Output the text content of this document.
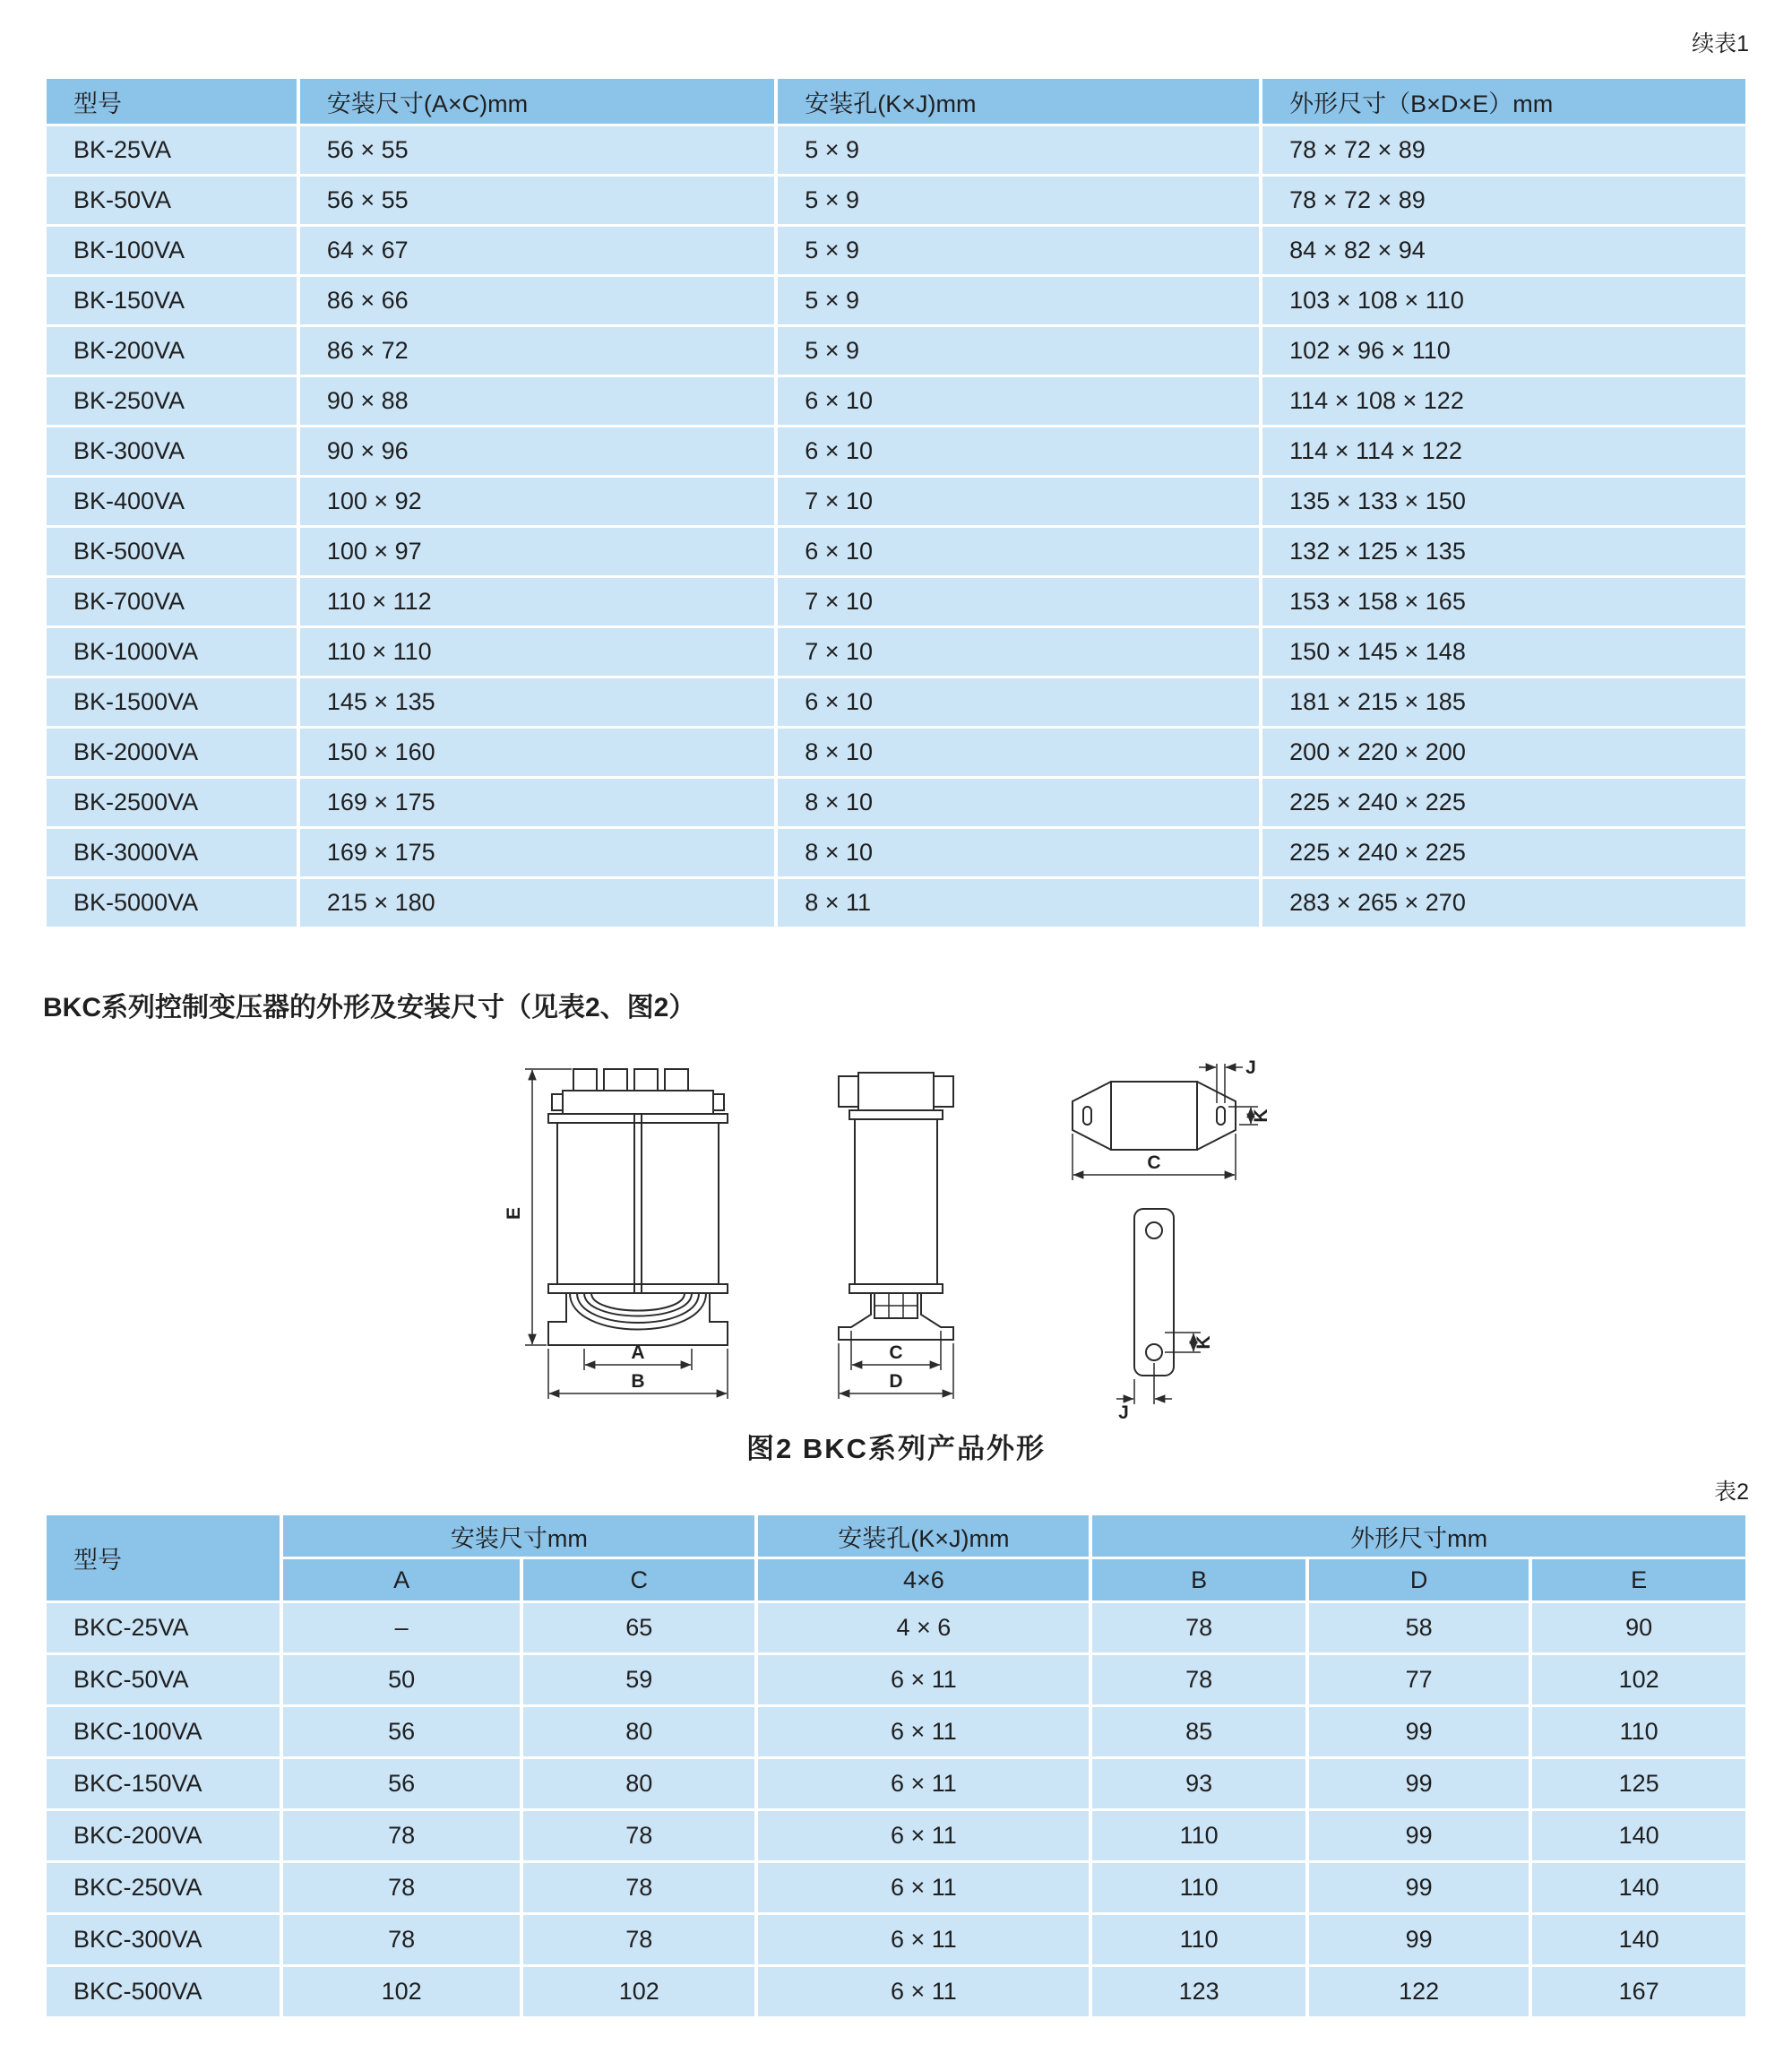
续表1
型号	安装尺寸(A×C)mm	安装孔(K×J)mm	外形尺寸（B×D×E）mm
BK-25VA	56 × 55	5 × 9	78 × 72 × 89
BK-50VA	56 × 55	5 × 9	78 × 72 × 89
BK-100VA	64 × 67	5 × 9	84 × 82 × 94
BK-150VA	86 × 66	5 × 9	103 × 108 × 110
BK-200VA	86 × 72	5 × 9	102 × 96 × 110
BK-250VA	90 × 88	6 × 10	114 × 108 × 122
BK-300VA	90 × 96	6 × 10	114 × 114 × 122
BK-400VA	100 × 92	7 × 10	135 × 133 × 150
BK-500VA	100 × 97	6 × 10	132 × 125 × 135
BK-700VA	110 × 112	7 × 10	153 × 158 × 165
BK-1000VA	110 × 110	7 × 10	150 × 145 × 148
BK-1500VA	145 × 135	6 × 10	181 × 215 × 185
BK-2000VA	150 × 160	8 × 10	200 × 220 × 200
BK-2500VA	169 × 175	8 × 10	225 × 240 × 225
BK-3000VA	169 × 175	8 × 10	225 × 240 × 225
BK-5000VA	215 × 180	8 × 11	283 × 265 × 270
BKC系列控制变压器的外形及安装尺寸（见表2、图2）
E
A
B
C
D
J
K
C
K
J
图2 BKC系列产品外形
表2
型号	安装尺寸mm		安装孔(K×J)mm	外形尺寸mm		
	A	C	4×6	B	D	E
BKC-25VA	–	65	4 × 6	78	58	90
BKC-50VA	50	59	6 × 11	78	77	102
BKC-100VA	56	80	6 × 11	85	99	110
BKC-150VA	56	80	6 × 11	93	99	125
BKC-200VA	78	78	6 × 11	110	99	140
BKC-250VA	78	78	6 × 11	110	99	140
BKC-300VA	78	78	6 × 11	110	99	140
BKC-500VA	102	102	6 × 11	123	122	167
